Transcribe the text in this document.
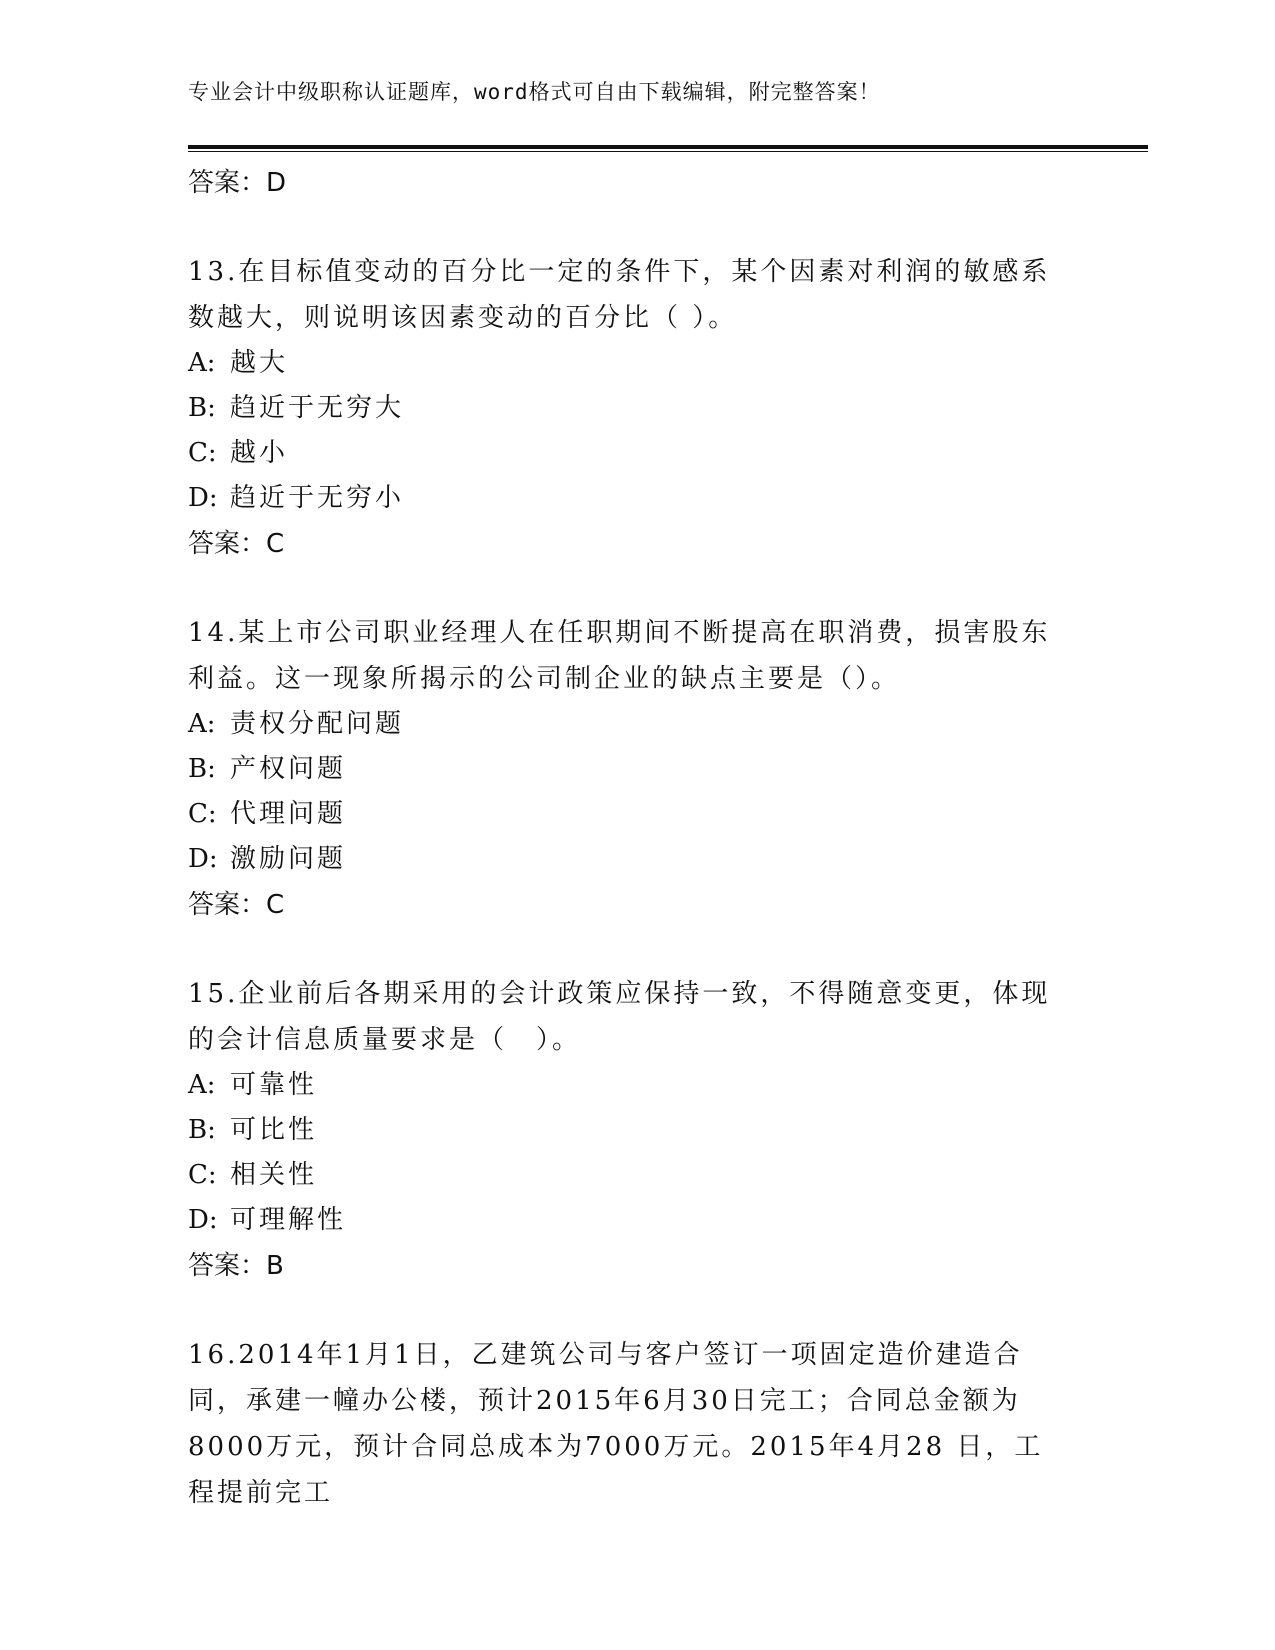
专业会计中级职称认证题库，word格式可自由下载编辑，附完整答案！
答案：D
13.在目标值变动的百分比一定的条件下，某个因素对利润的敏感系数越大，则说明该因素变动的百分比（ ）。
A: 越大
B: 趋近于无穷大
C: 越小
D: 趋近于无穷小
答案：C
14.某上市公司职业经理人在任职期间不断提高在职消费，损害股东利益。这一现象所揭示的公司制企业的缺点主要是（）。
A: 责权分配问题
B: 产权问题
C: 代理问题
D: 激励问题
答案：C
15.企业前后各期采用的会计政策应保持一致，不得随意变更，体现的会计信息质量要求是（　）。
A: 可靠性
B: 可比性
C: 相关性
D: 可理解性
答案：B
16.2014年1月1日，乙建筑公司与客户签订一项固定造价建造合同，承建一幢办公楼，预计2015年6月30日完工；合同总金额为8000万元，预计合同总成本为7000万元。2015年4月28 日，工程提前完工
